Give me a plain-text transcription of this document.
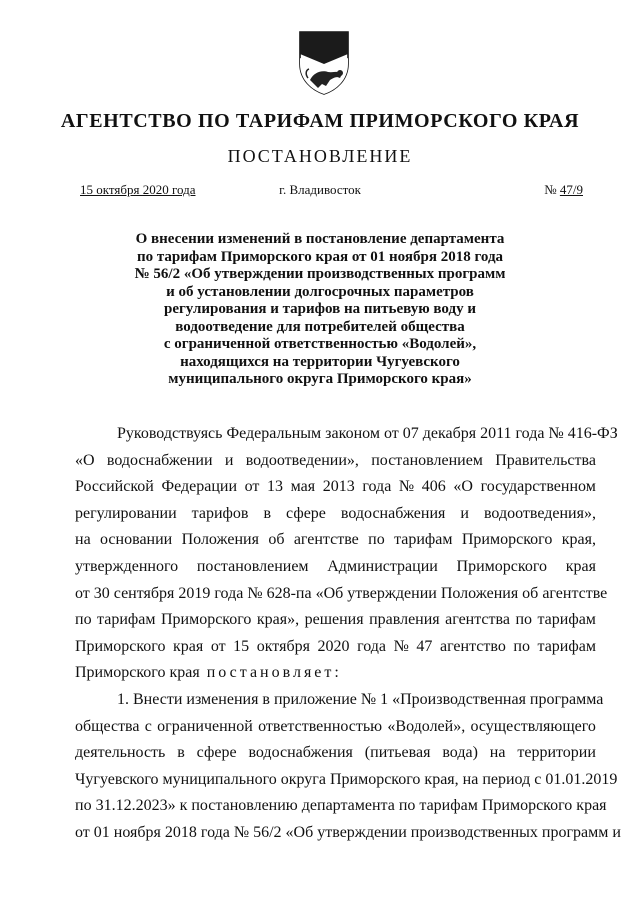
АГЕНТСТВО ПО ТАРИФАМ ПРИМОРСКОГО КРАЯ
ПОСТАНОВЛЕНИЕ
15 октября 2020 года	г. Владивосток	№ 47/9
О внесении изменений в постановление департамента
по тарифам Приморского края от 01 ноября 2018 года
№ 56/2 «Об утверждении производственных программ
и об установлении долгосрочных параметров
регулирования и тарифов на питьевую воду и
водоотведение для потребителей общества
с ограниченной ответственностью «Водолей»,
находящихся на территории Чугуевского
муниципального округа Приморского края»
Руководствуясь Федеральным законом от 07 декабря 2011 года № 416-ФЗ
«О водоснабжении и водоотведении», постановлением Правительства
Российской Федерации от 13 мая 2013 года № 406 «О государственном
регулировании тарифов в сфере водоснабжения и водоотведения»,
на основании Положения об агентстве по тарифам Приморского края,
утвержденного постановлением Администрации Приморского края
от 30 сентября 2019 года № 628-па «Об утверждении Положения об агентстве
по тарифам Приморского края», решения правления агентства по тарифам
Приморского края от 15 октября 2020 года № 47 агентство по тарифам
Приморского края постановляет:
1. Внести изменения в приложение № 1 «Производственная программа
общества с ограниченной ответственностью «Водолей», осуществляющего
деятельность в сфере водоснабжения (питьевая вода) на территории
Чугуевского муниципального округа Приморского края, на период с 01.01.2019
по 31.12.2023» к постановлению департамента по тарифам Приморского края
от 01 ноября 2018 года № 56/2 «Об утверждении производственных программ и
